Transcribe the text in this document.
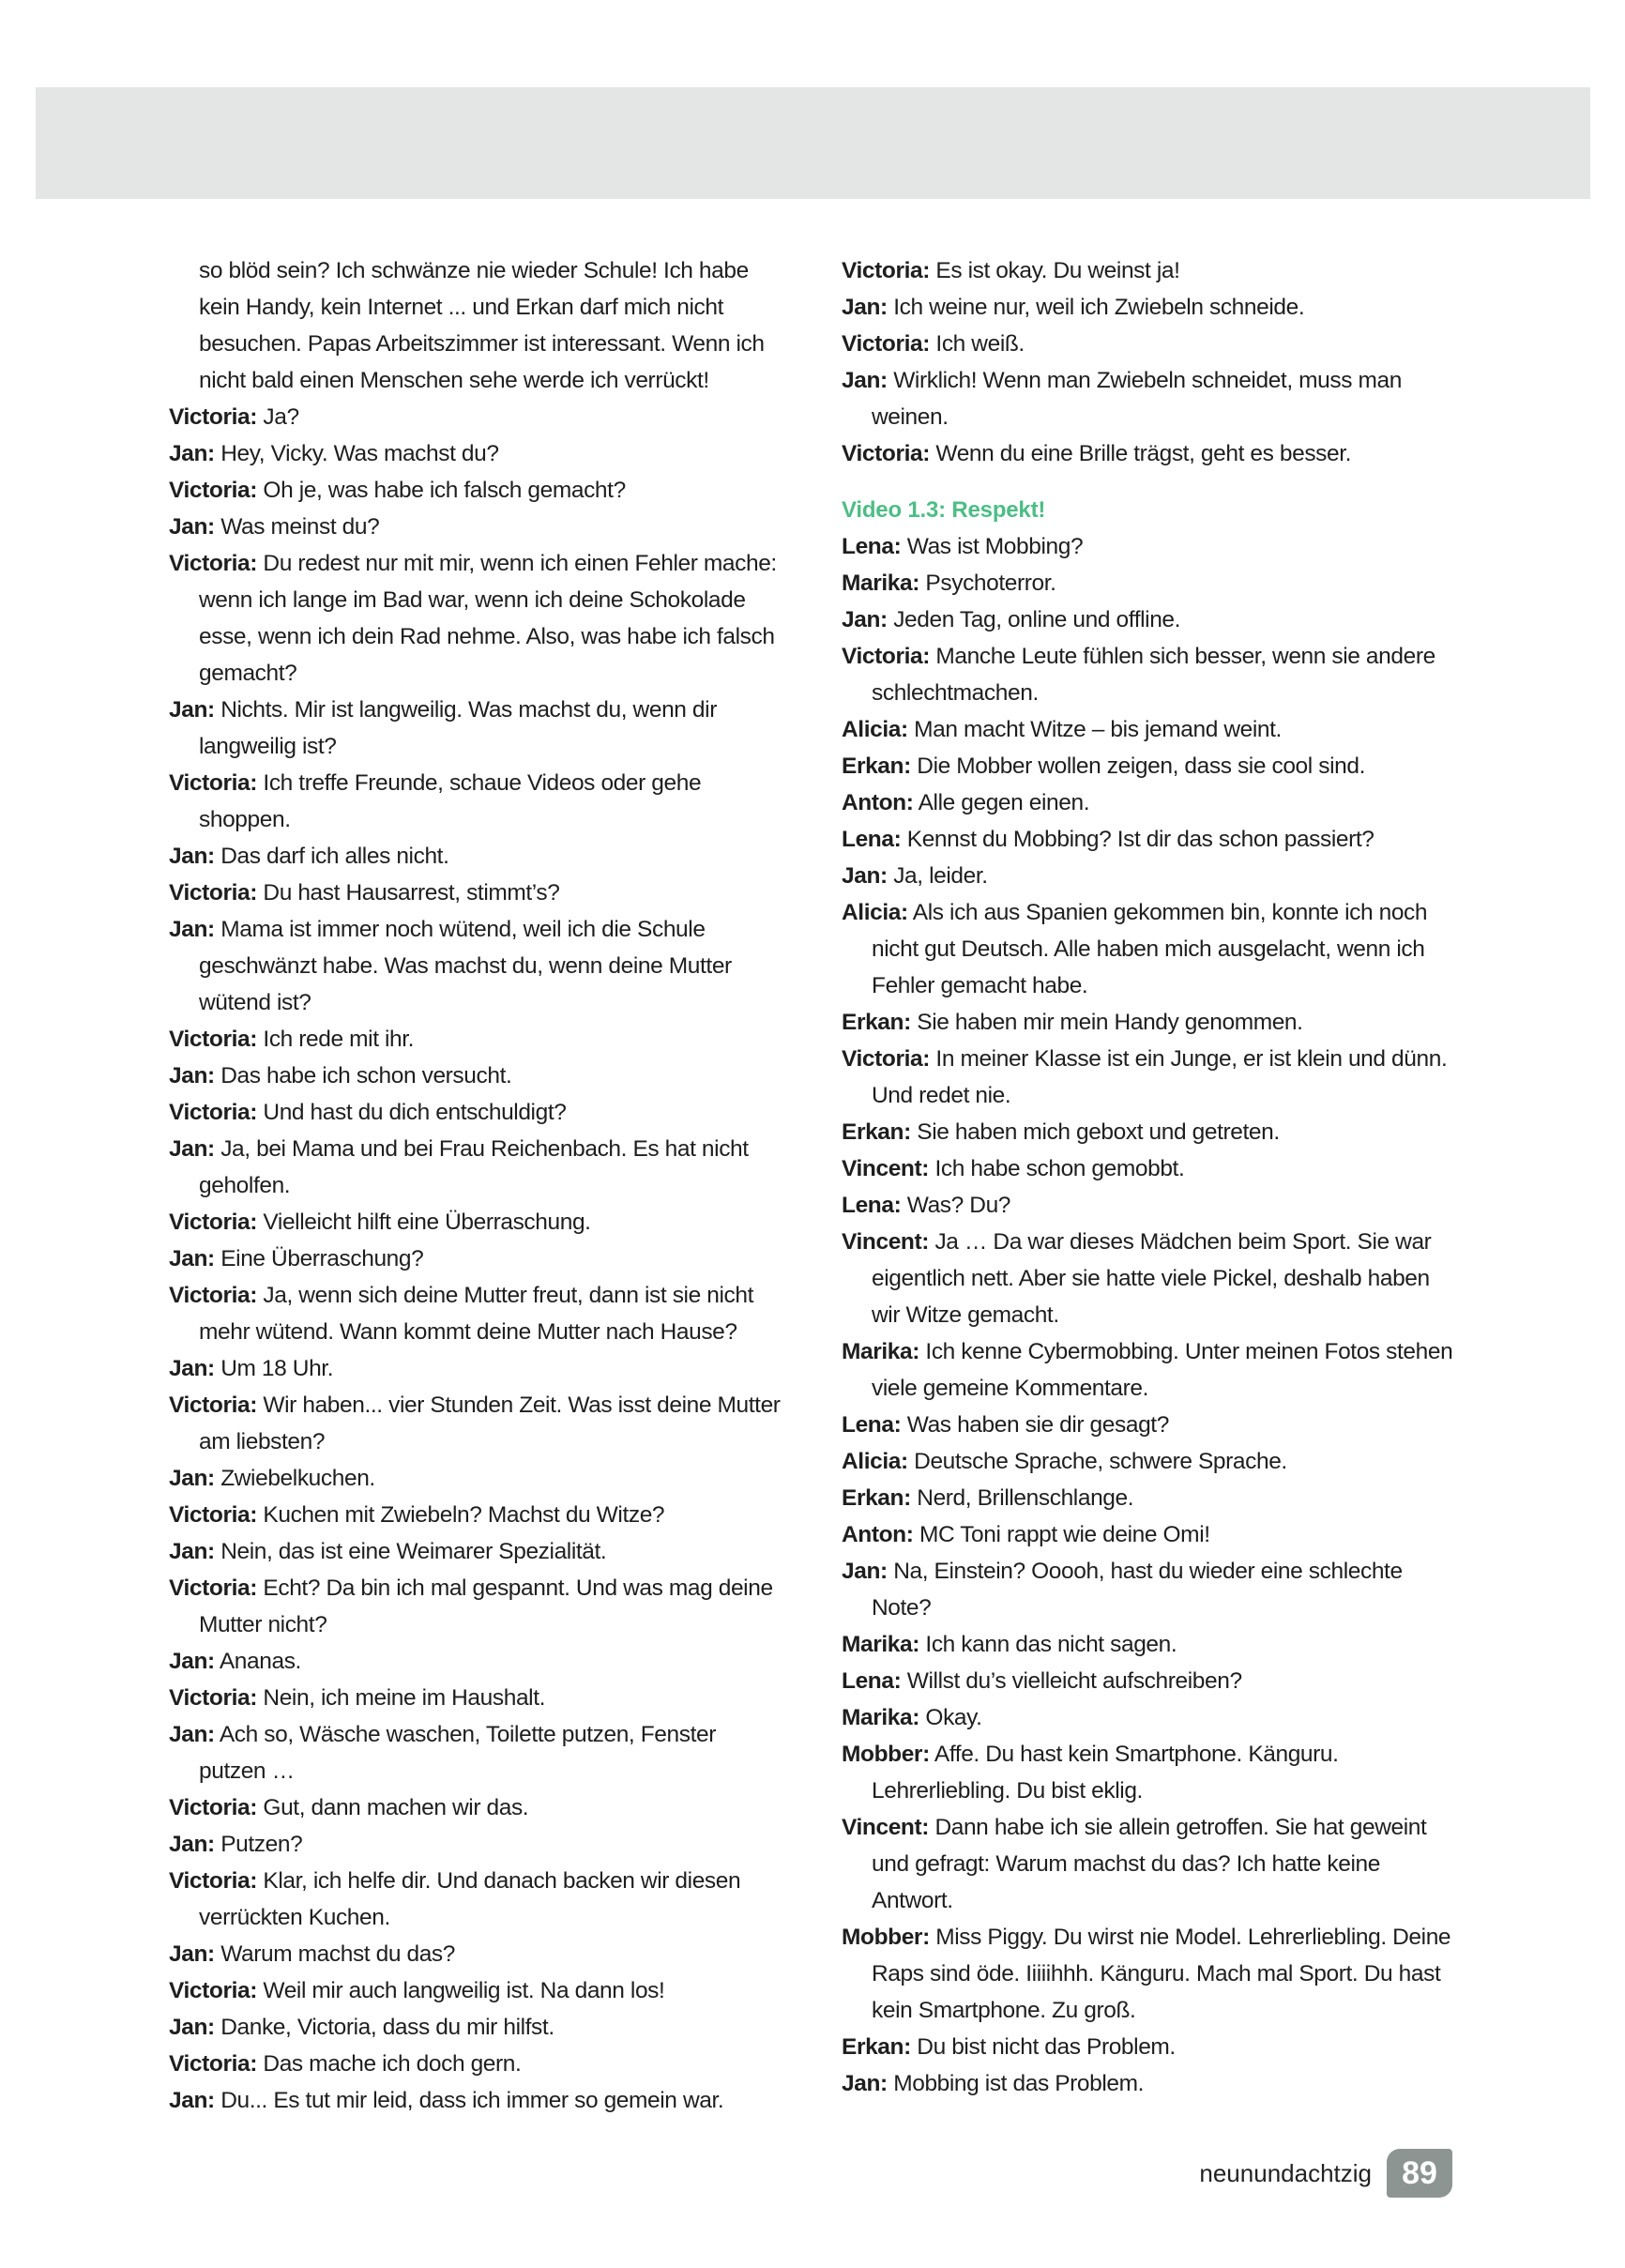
so blöd sein? Ich schwänze nie wieder Schule! Ich habe kein Handy, kein Internet ... und Erkan darf mich nicht besuchen. Papas Arbeitszimmer ist interessant. Wenn ich nicht bald einen Menschen sehe werde ich verrückt!

Victoria: Ja?

Jan: Hey, Vicky. Was machst du?

Victoria: Oh je, was habe ich falsch gemacht?

Jan: Was meinst du?

Victoria: Du redest nur mit mir, wenn ich einen Fehler mache: wenn ich lange im Bad war, wenn ich deine Schokolade esse, wenn ich dein Rad nehme. Also, was habe ich falsch gemacht?

Jan: Nichts. Mir ist langweilig. Was machst du, wenn dir langweilig ist?

Victoria: Ich treffe Freunde, schaue Videos oder gehe shoppen.

Jan: Das darf ich alles nicht.

Victoria: Du hast Hausarrest, stimmt’s?

Jan: Mama ist immer noch wütend, weil ich die Schule geschwänzt habe. Was machst du, wenn deine Mutter wütend ist?

Victoria: Ich rede mit ihr.

Jan: Das habe ich schon versucht.

Victoria: Und hast du dich entschuldigt?

Jan: Ja, bei Mama und bei Frau Reichenbach. Es hat nicht geholfen.

Victoria: Vielleicht hilft eine Überraschung.

Jan: Eine Überraschung?

Victoria: Ja, wenn sich deine Mutter freut, dann ist sie nicht mehr wütend. Wann kommt deine Mutter nach Hause?

Jan: Um 18 Uhr.

Victoria: Wir haben... vier Stunden Zeit. Was isst deine Mutter am liebsten?

Jan: Zwiebelkuchen.

Victoria: Kuchen mit Zwiebeln? Machst du Witze?

Jan: Nein, das ist eine Weimarer Spezialität.

Victoria: Echt? Da bin ich mal gespannt. Und was mag deine Mutter nicht?

Jan: Ananas.

Victoria: Nein, ich meine im Haushalt.

Jan: Ach so, Wäsche waschen, Toilette putzen, Fenster putzen …

Victoria: Gut, dann machen wir das.

Jan: Putzen?

Victoria: Klar, ich helfe dir. Und danach backen wir diesen verrückten Kuchen.

Jan: Warum machst du das?

Victoria: Weil mir auch langweilig ist. Na dann los!

Jan: Danke, Victoria, dass du mir hilfst.

Victoria: Das mache ich doch gern.

Jan: Du... Es tut mir leid, dass ich immer so gemein war.

Victoria: Es ist okay. Du weinst ja!

Jan: Ich weine nur, weil ich Zwiebeln schneide.

Victoria: Ich weiß.

Jan: Wirklich! Wenn man Zwiebeln schneidet, muss man weinen.

Victoria: Wenn du eine Brille trägst, geht es besser.

Video 1.3: Respekt!

Lena: Was ist Mobbing?

Marika: Psychoterror.

Jan: Jeden Tag, online und offline.

Victoria: Manche Leute fühlen sich besser, wenn sie andere schlechtmachen.

Alicia: Man macht Witze – bis jemand weint.

Erkan: Die Mobber wollen zeigen, dass sie cool sind.

Anton: Alle gegen einen.

Lena: Kennst du Mobbing? Ist dir das schon passiert?

Jan: Ja, leider.

Alicia: Als ich aus Spanien gekommen bin, konnte ich noch nicht gut Deutsch. Alle haben mich ausgelacht, wenn ich Fehler gemacht habe.

Erkan: Sie haben mir mein Handy genommen.

Victoria: In meiner Klasse ist ein Junge, er ist klein und dünn. Und redet nie.

Erkan: Sie haben mich geboxt und getreten.

Vincent: Ich habe schon gemobbt.

Lena: Was? Du?

Vincent: Ja … Da war dieses Mädchen beim Sport. Sie war eigentlich nett. Aber sie hatte viele Pickel, deshalb haben wir Witze gemacht.

Marika: Ich kenne Cybermobbing. Unter meinen Fotos stehen viele gemeine Kommentare.

Lena: Was haben sie dir gesagt?

Alicia: Deutsche Sprache, schwere Sprache.

Erkan: Nerd, Brillenschlange.

Anton: MC Toni rappt wie deine Omi!

Jan: Na, Einstein? Ooooh, hast du wieder eine schlechte Note?

Marika: Ich kann das nicht sagen.

Lena: Willst du’s vielleicht aufschreiben?

Marika: Okay.

Mobber: Affe. Du hast kein Smartphone. Känguru. Lehrerliebling. Du bist eklig.

Vincent: Dann habe ich sie allein getroffen. Sie hat geweint und gefragt: Warum machst du das? Ich hatte keine Antwort.

Mobber: Miss Piggy. Du wirst nie Model. Lehrerliebling. Deine Raps sind öde. Iiiiihhh. Känguru. Mach mal Sport. Du hast kein Smartphone. Zu groß.

Erkan: Du bist nicht das Problem.

Jan: Mobbing ist das Problem.

neunundachtzig 89
